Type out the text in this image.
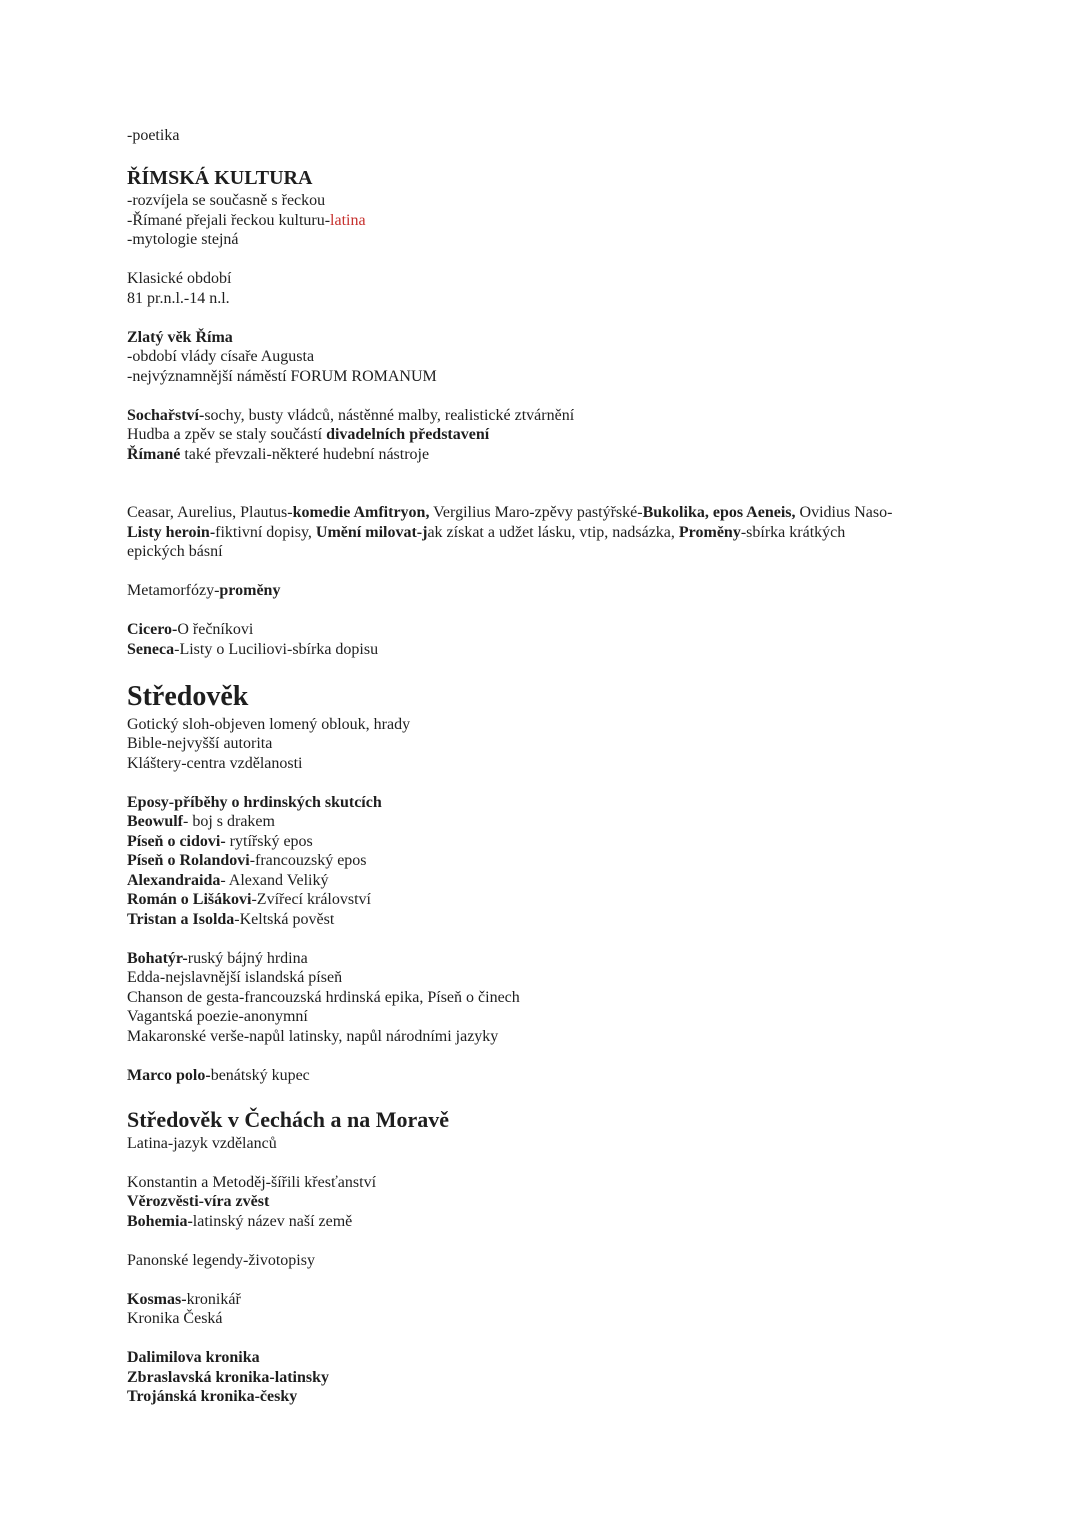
-poetika

ŘÍMSKÁ KULTURA

-rozvíjela se současně s řeckou
-Římané přejali řeckou kulturu-latina
-mytologie stejná

Klasické období
81 pr.n.l.-14 n.l.

Zlatý věk Říma
-období vlády císaře Augusta
-nejvýznamnější náměstí FORUM ROMANUM

Sochařství-sochy, busty vládců, nástěnné malby, realistické ztvárnění
Hudba a zpěv se staly součástí divadelních představení
Římané také převzali-některé hudební nástroje

Ceasar, Aurelius, Plautus-komedie Amfitryon, Vergilius Maro-zpěvy pastýřské-Bukolika, epos Aeneis, Ovidius Naso-
Listy heroin-fiktivní dopisy, Umění milovat-jak získat a udžet lásku, vtip, nadsázka, Proměny-sbírka krátkých
epických básní

Metamorfózy-proměny

Cicero-O řečníkovi
Seneca-Listy o Luciliovi-sbírka dopisu

Středověk

Gotický sloh-objeven lomený oblouk, hrady
Bible-nejvyšší autorita
Kláštery-centra vzdělanosti

Eposy-příběhy o hrdinských skutcích
Beowulf- boj s drakem
Píseň o cidovi- rytířský epos
Píseň o Rolandovi-francouzský epos
Alexandraida- Alexand Veliký
Román o Lišákovi-Zvířecí království
Tristan a Isolda-Keltská pověst

Bohatýr-ruský bájný hrdina
Edda-nejslavnější islandská píseň
Chanson de gesta-francouzská hrdinská epika, Píseň o činech
Vagantská poezie-anonymní
Makaronské verše-napůl latinsky, napůl národními jazyky

Marco polo-benátský kupec

Středověk v Čechách a na Moravě

Latina-jazyk vzdělanců

Konstantin a Metoděj-šířili křesťanství
Věrozvěsti-víra zvěst
Bohemia-latinský název naší země

Panonské legendy-životopisy

Kosmas-kronikář
Kronika Česká

Dalimilova kronika
Zbraslavská kronika-latinsky
Trojánská kronika-česky
